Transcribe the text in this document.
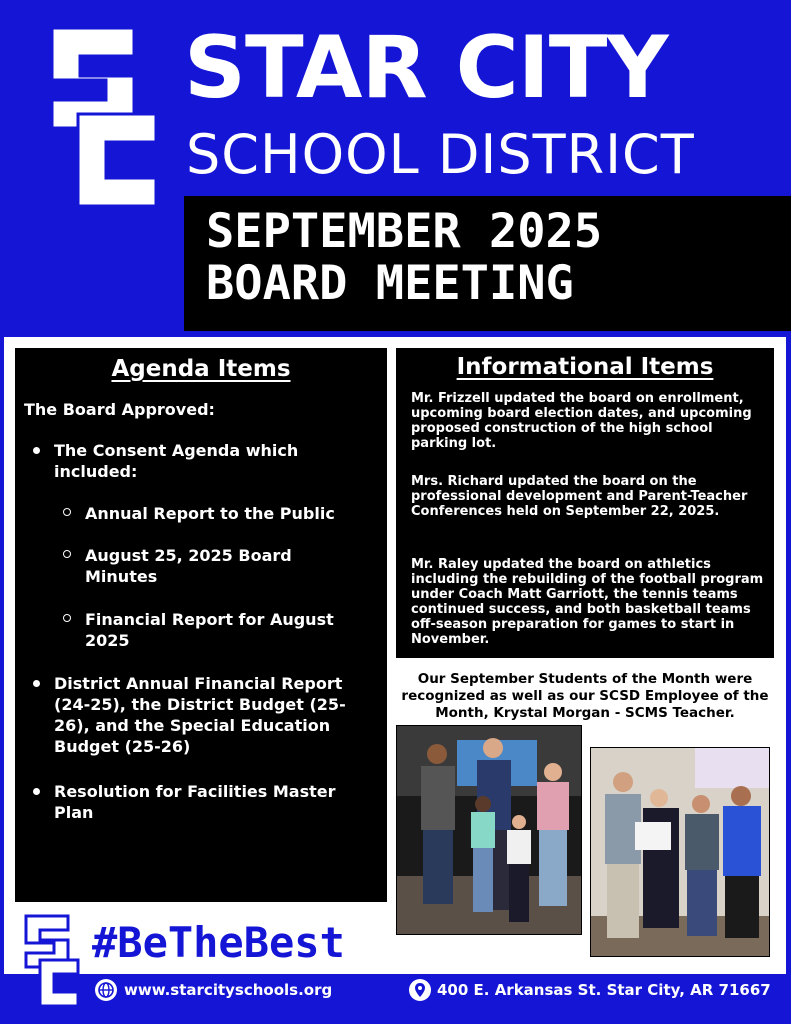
STAR CITY
SCHOOL DISTRICT
SEPTEMBER 2025
BOARD MEETING
Agenda Items
The Board Approved:
The Consent Agenda which included:
Annual Report to the Public
August 25, 2025 Board Minutes
Financial Report for August 2025
District Annual Financial Report (24-25), the District Budget (25-26), and the Special Education Budget (25-26)
Resolution for Facilities Master Plan
Informational Items
Mr. Frizzell updated the board on enrollment, upcoming board election dates, and upcoming proposed construction of the high school parking lot.
Mrs. Richard updated the board on the professional development and Parent-Teacher Conferences held on September 22, 2025.
Mr. Raley updated the board on athletics including the rebuilding of the football program under Coach Matt Garriott, the tennis teams continued success, and both basketball teams off-season preparation for games to start in November.
Our September Students of the Month were recognized as well as our SCSD Employee of the Month, Krystal Morgan - SCMS Teacher.
#BeTheBest
www.starcityschools.org	400 E. Arkansas St. Star City, AR 71667
